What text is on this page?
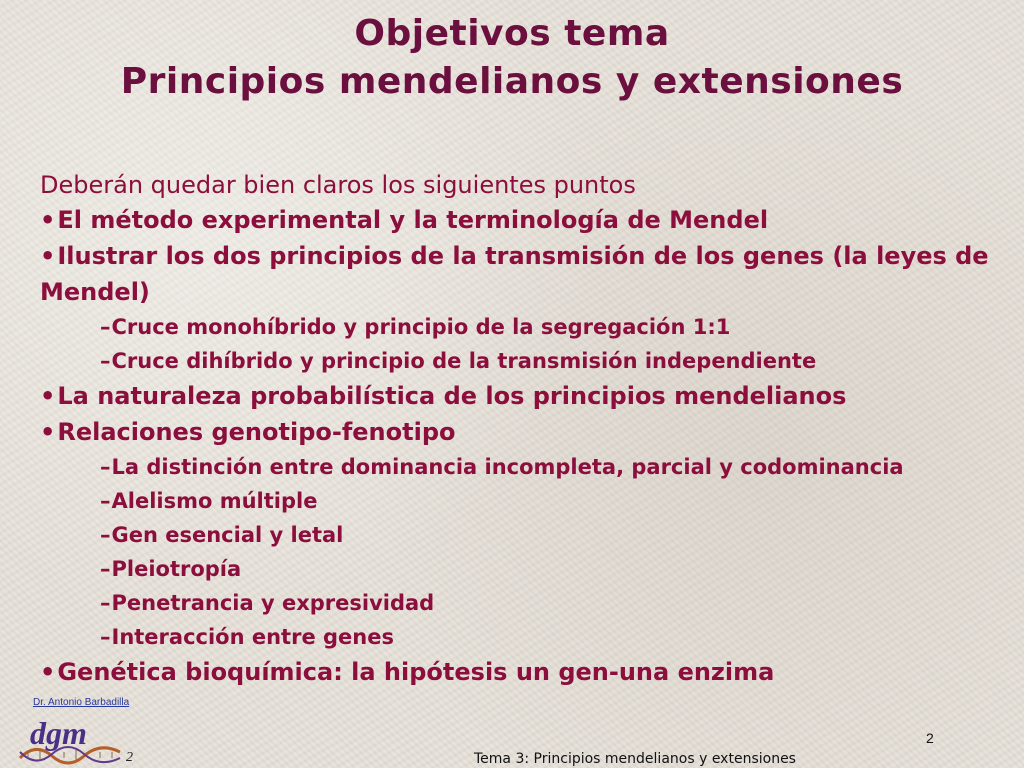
Objetivos tema
Principios mendelianos y extensiones

Deberán quedar bien claros los siguientes puntos

•El método experimental y la terminología de Mendel

•Ilustrar los dos principios de la transmisión de los genes (la leyes de Mendel)

–Cruce monohíbrido y principio de la segregación 1:1

–Cruce dihíbrido y principio de la transmisión independiente

•La naturaleza probabilística de los principios mendelianos

•Relaciones genotipo-fenotipo

–La distinción entre dominancia incompleta, parcial y codominancia

–Alelismo múltiple

–Gen esencial y letal

–Pleiotropía

–Penetrancia y expresividad

–Interacción entre genes

•Genética bioquímica: la hipótesis un gen-una enzima

Dr. Antonio Barbadilla
dgm
2
2
Tema 3: Principios mendelianos y extensiones
